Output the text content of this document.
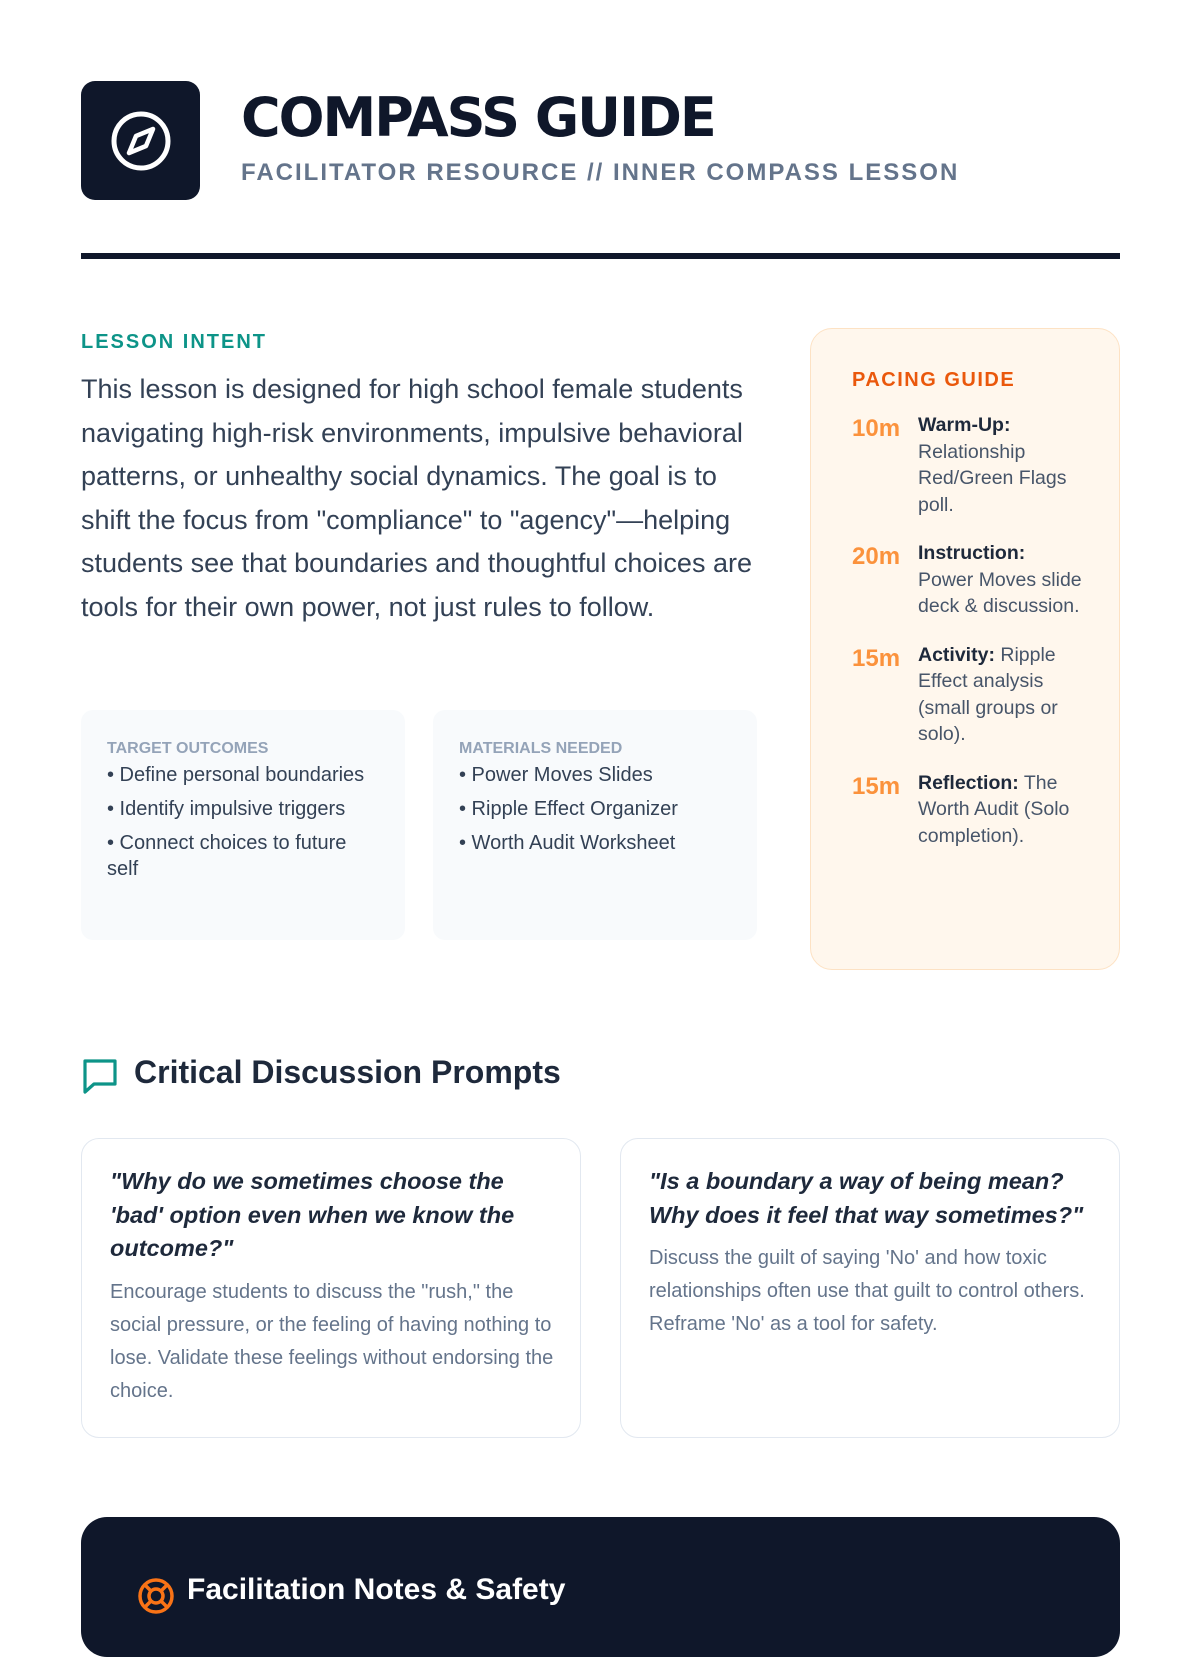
COMPASS GUIDE

FACILITATOR RESOURCE // INNER COMPASS LESSON

LESSON INTENT

This lesson is designed for high school female students navigating high-risk environments, impulsive behavioral patterns, or unhealthy social dynamics. The goal is to shift the focus from "compliance" to "agency"—helping students see that boundaries and thoughtful choices are tools for their own power, not just rules to follow.

TARGET OUTCOMES
• Define personal boundaries
• Identify impulsive triggers
• Connect choices to future self
MATERIALS NEEDED
• Power Moves Slides
• Ripple Effect Organizer
• Worth Audit Worksheet
PACING GUIDE
10m Warm-Up: Relationship Red/Green Flags poll.
20m Instruction: Power Moves slide deck & discussion.
15m Activity: Ripple Effect analysis (small groups or solo).
15m Reflection: The Worth Audit (Solo completion).
Critical Discussion Prompts

"Why do we sometimes choose the 'bad' option even when we know the outcome?"

Encourage students to discuss the "rush," the social pressure, or the feeling of having nothing to lose. Validate these feelings without endorsing the choice.

"Is a boundary a way of being mean? Why does it feel that way sometimes?"

Discuss the guilt of saying 'No' and how toxic relationships often use that guilt to control others. Reframe 'No' as a tool for safety.

Facilitation Notes & Safety
